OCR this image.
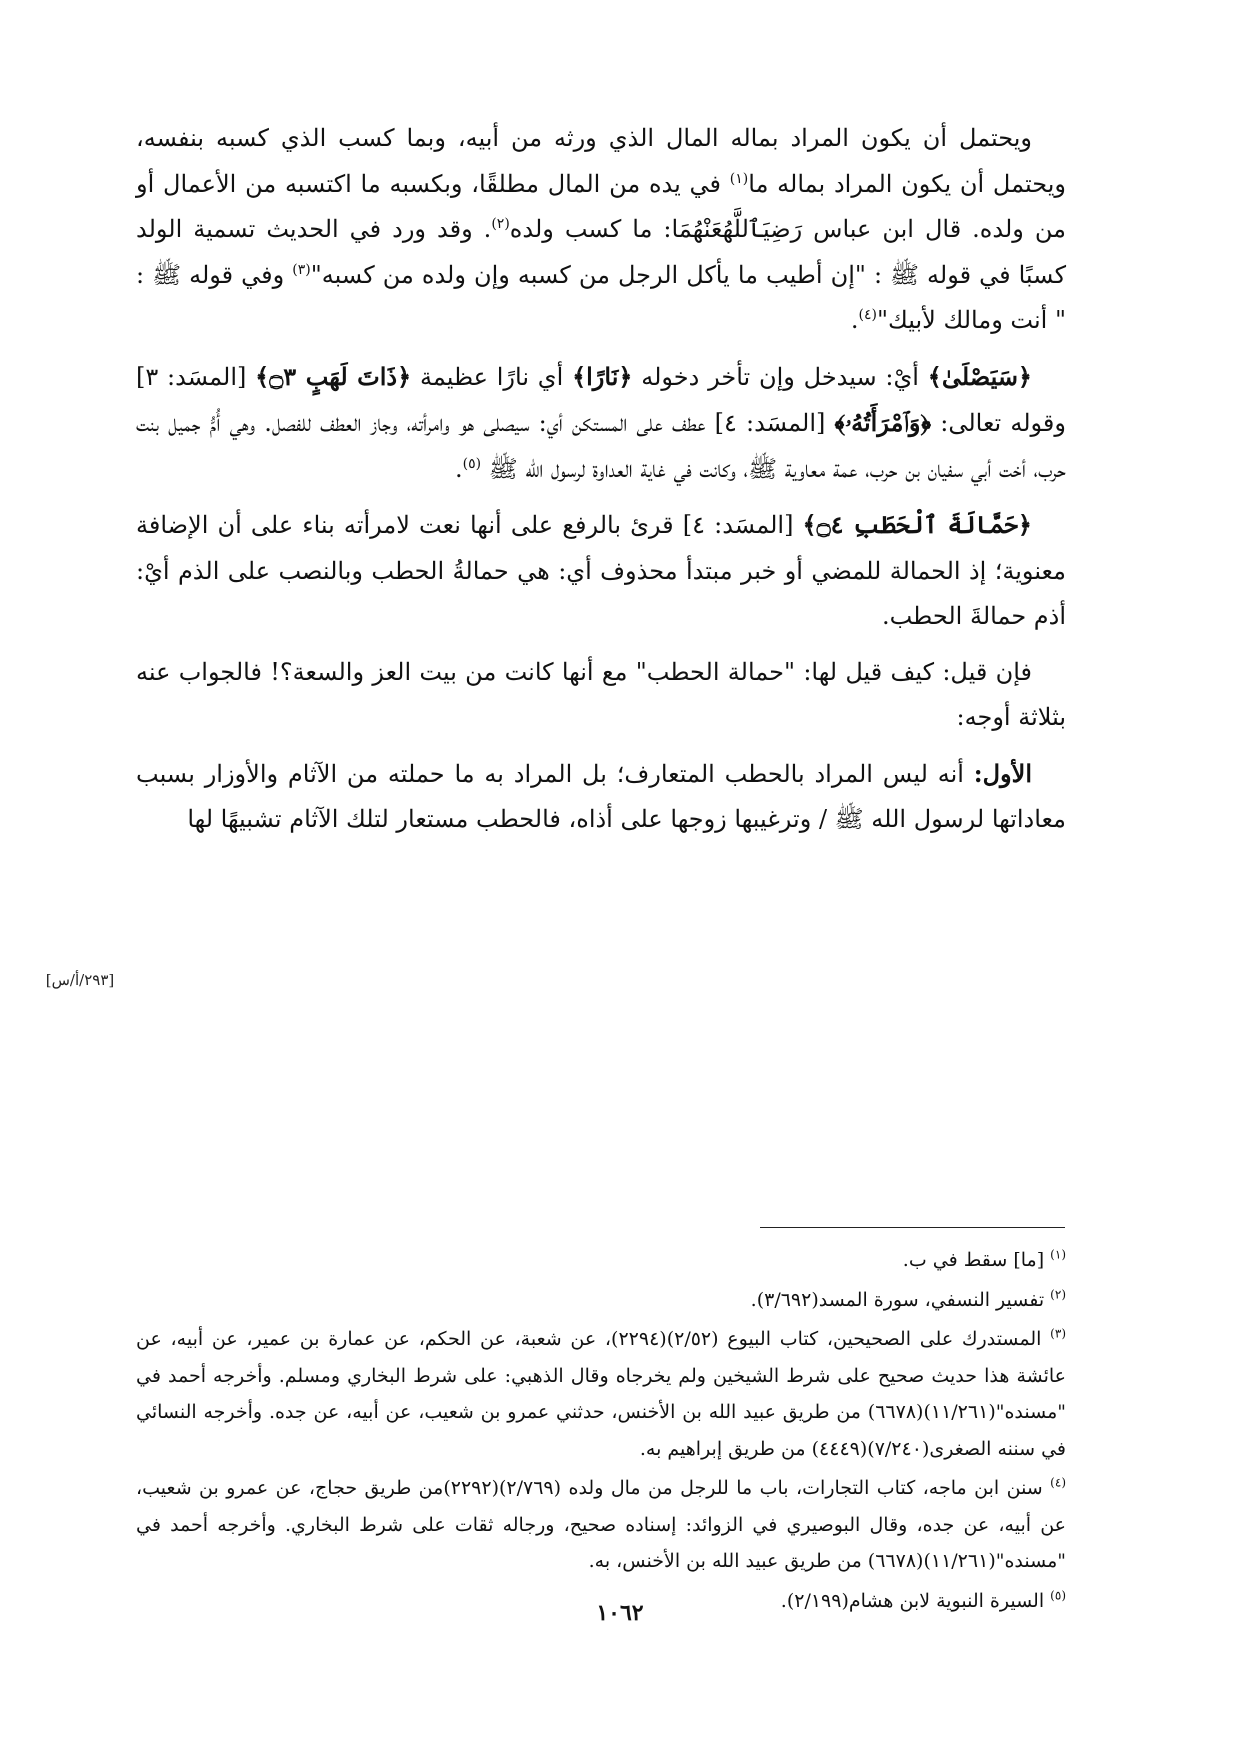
ويحتمل أن يكون المراد بماله المال الذي ورثه من أبيه، وبما كسب الذي كسبه بنفسه، ويحتمل أن يكون المراد بماله ما$^{(١)}$ في يده من المال مطلقًا، وبكسبه ما اكتسبه من الأعمال أو من ولده. قال ابن عباس رَضِيَٱللَّهُعَنْهُمَا: ما كسب ولده$^{(٢)}$. وقد ورد في الحديث تسمية الولد كسبًا في قوله ﷺ : "إن أطيب ما يأكل الرجل من كسبه وإن ولده من كسبه"$^{(٣)}$ وفي قوله ﷺ : " أنت ومالك لأبيك"$^{(٤)}$.

﴿سَيَصْلَىٰ﴾ أيْ: سيدخل وإن تأخر دخوله ﴿نَارًا﴾ أي نارًا عظيمة ﴿ذَاتَ لَهَبٍ ۝٣﴾ [المسَد: ٣] وقوله تعالى: ﴿وَٱمْرَأَتُهُۥ﴾ [المسَد: ٤] عطف على المستكن أي: سيصلى هو وامرأته، وجاز العطف للفصل. وهي أُمُّ جميل بنت حرب، أخت أبي سفيان بن حرب، عمة معاوية ﷺ، وكانت في غاية العداوة لرسول الله ﷺ $^{(٥)}$.

﴿حَمَّالَةَ ٱلْحَطَبِ ۝٤﴾ [المسَد: ٤] قرئ بالرفع على أنها نعت لامرأته بناء على أن الإضافة معنوية؛ إذ الحمالة للمضي أو خبر مبتدأ محذوف أي: هي حمالةُ الحطب وبالنصب على الذم أيْ: أذم حمالةَ الحطب.

فإن قيل: كيف قيل لها: "حمالة الحطب" مع أنها كانت من بيت العز والسعة؟! فالجواب عنه بثلاثة أوجه:

الأول: أنه ليس المراد بالحطب المتعارف؛ بل المراد به ما حملته من الآثام والأوزار بسبب معاداتها لرسول الله ﷺ / وترغيبها زوجها على أذاه، فالحطب مستعار لتلك الآثام تشبيهًا لها

[٢٩٣/أ/س]

$^{(١)}$ [ما] سقط في ب.

$^{(٢)}$ تفسير النسفي، سورة المسد(٣/٦٩٢).

$^{(٣)}$ المستدرك على الصحيحين، كتاب البيوع (٢/٥٢)(٢٢٩٤)، عن شعبة، عن الحكم، عن عمارة بن عمير، عن أبيه، عن عائشة هذا حديث صحيح على شرط الشيخين ولم يخرجاه وقال الذهبي: على شرط البخاري ومسلم. وأخرجه أحمد في "مسنده"(١١/٢٦١)(٦٦٧٨) من طريق عبيد الله بن الأخنس، حدثني عمرو بن شعيب، عن أبيه، عن جده. وأخرجه النسائي في سننه الصغرى(٧/٢٤٠)(٤٤٤٩) من طريق إبراهيم به.

$^{(٤)}$ سنن ابن ماجه، كتاب التجارات، باب ما للرجل من مال ولده (٢/٧٦٩)(٢٢٩٢)من طريق حجاج، عن عمرو بن شعيب، عن أبيه، عن جده، وقال البوصيري في الزوائد: إسناده صحيح، ورجاله ثقات على شرط البخاري. وأخرجه أحمد في "مسنده"(١١/٢٦١)(٦٦٧٨) من طريق عبيد الله بن الأخنس، به.

$^{(٥)}$ السيرة النبوية لابن هشام(٢/١٩٩).

١٠٦٢
